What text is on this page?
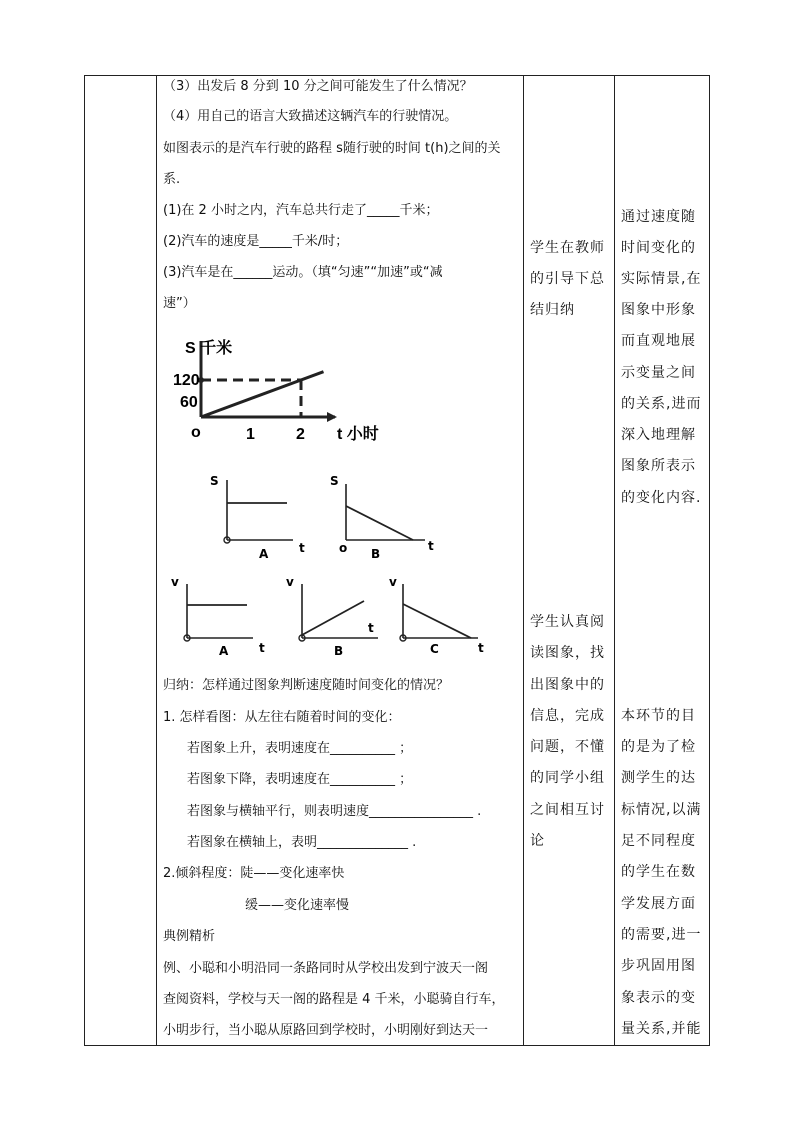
（3）出发后 8 分到 10 分之间可能发生了什么情况？
（4）用自己的语言大致描述这辆汽车的行驶情况。
如图表示的是汽车行驶的路程 s随行驶的时间 t(h)之间的关
系.
(1)在 2 小时之内，汽车总共行走了_____千米；
(2)汽车的速度是_____千米/时；
(3)汽车是在______运动。（填“匀速”“加速”或“减
速”）
S 千米
120
60
o	1	2 t 小时
S
A	t
S
o B
t
v
A	t
v
B
t
v
C	t
归纳：怎样通过图象判断速度随时间变化的情况？
1. 怎样看图：从左往右随着时间的变化：
若图象上升，表明速度在__________ ；
若图象下降，表明速度在__________ ；
若图象与横轴平行，则表明速度________________ .
若图象在横轴上，表明______________ .
2.倾斜程度：陡——变化速率快
缓——变化速率慢
典例精析
例、小聪和小明沿同一条路同时从学校出发到宁波天一阁
查阅资料，学校与天一阁的路程是 4 千米，小聪骑自行车，
小明步行，当小聪从原路回到学校时，小明刚好到达天一
学生在教师
的引导下总
结归纳
学生认真阅
读图象，找
出图象中的
信息，完成
问题，不懂
的同学小组
之间相互讨
论
通过速度随
时间变化的
实际情景,在
图象中形象
而直观地展
示变量之间
的关系,进而
深入地理解
图象所表示
的变化内容.
本环节的目
的是为了检
测学生的达
标情况,以满
足不同程度
的学生在数
学发展方面
的需要,进一
步巩固用图
象表示的变
量关系,并能
